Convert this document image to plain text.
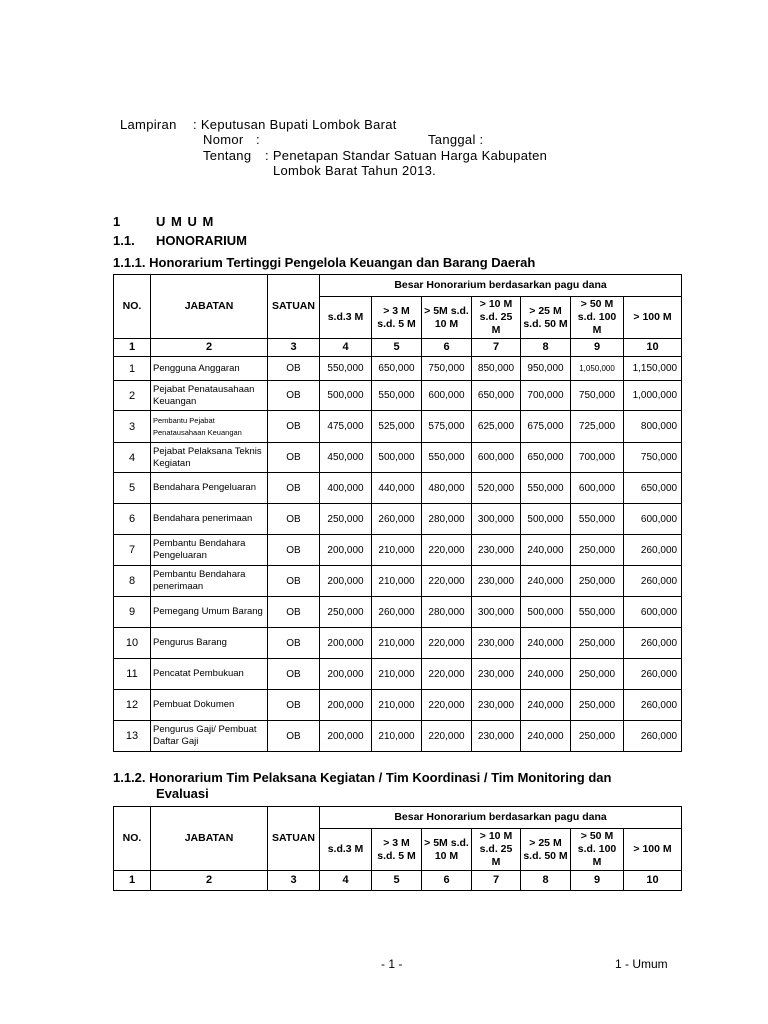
Lampiran : Keputusan Bupati Lombok Barat
Nomor :	Tanggal :
Tentang : Penetapan Standar Satuan Harga Kabupaten
Lombok Barat Tahun 2013.
1	U M U M
1.1. HONORARIUM
1.1.1. Honorarium Tertinggi Pengelola Keuangan dan Barang Daerah
NO.	JABATAN	SATUAN	Besar Honorarium berdasarkan pagu dana						
			s.d.3 M	> 3 M s.d. 5 M	> 5M s.d. 10 M	> 10 M s.d. 25 M	> 25 M s.d. 50 M	> 50 M s.d. 100 M	> 100 M
1	2	3	4	5	6	7	8	9	10
1	Pengguna Anggaran	OB	550,000	650,000	750,000	850,000	950,000	1,050,000	1,150,000
2	Pejabat Penatausahaan Keuangan	OB	500,000	550,000	600,000	650,000	700,000	750,000	1,000,000
3	Pembantu Pejabat Penatausahaan Keuangan	OB	475,000	525,000	575,000	625,000	675,000	725,000	800,000
4	Pejabat Pelaksana Teknis Kegiatan	OB	450,000	500,000	550,000	600,000	650,000	700,000	750,000
5	Bendahara Pengeluaran	OB	400,000	440,000	480,000	520,000	550,000	600,000	650,000
6	Bendahara penerimaan	OB	250,000	260,000	280,000	300,000	500,000	550,000	600,000
7	Pembantu Bendahara Pengeluaran	OB	200,000	210,000	220,000	230,000	240,000	250,000	260,000
8	Pembantu Bendahara penerimaan	OB	200,000	210,000	220,000	230,000	240,000	250,000	260,000
9	Pemegang Umum Barang	OB	250,000	260,000	280,000	300,000	500,000	550,000	600,000
10	Pengurus Barang	OB	200,000	210,000	220,000	230,000	240,000	250,000	260,000
11	Pencatat Pembukuan	OB	200,000	210,000	220,000	230,000	240,000	250,000	260,000
12	Pembuat Dokumen	OB	200,000	210,000	220,000	230,000	240,000	250,000	260,000
13	Pengurus Gaji/ Pembuat Daftar Gaji	OB	200,000	210,000	220,000	230,000	240,000	250,000	260,000
1.1.2. Honorarium Tim Pelaksana Kegiatan / Tim Koordinasi / Tim Monitoring dan
Evaluasi
NO.	JABATAN	SATUAN	Besar Honorarium berdasarkan pagu dana						
			s.d.3 M	> 3 M s.d. 5 M	> 5M s.d. 10 M	> 10 M s.d. 25 M	> 25 M s.d. 50 M	> 50 M s.d. 100 M	> 100 M
1	2	3	4	5	6	7	8	9	10
- 1 -	1 - Umum
